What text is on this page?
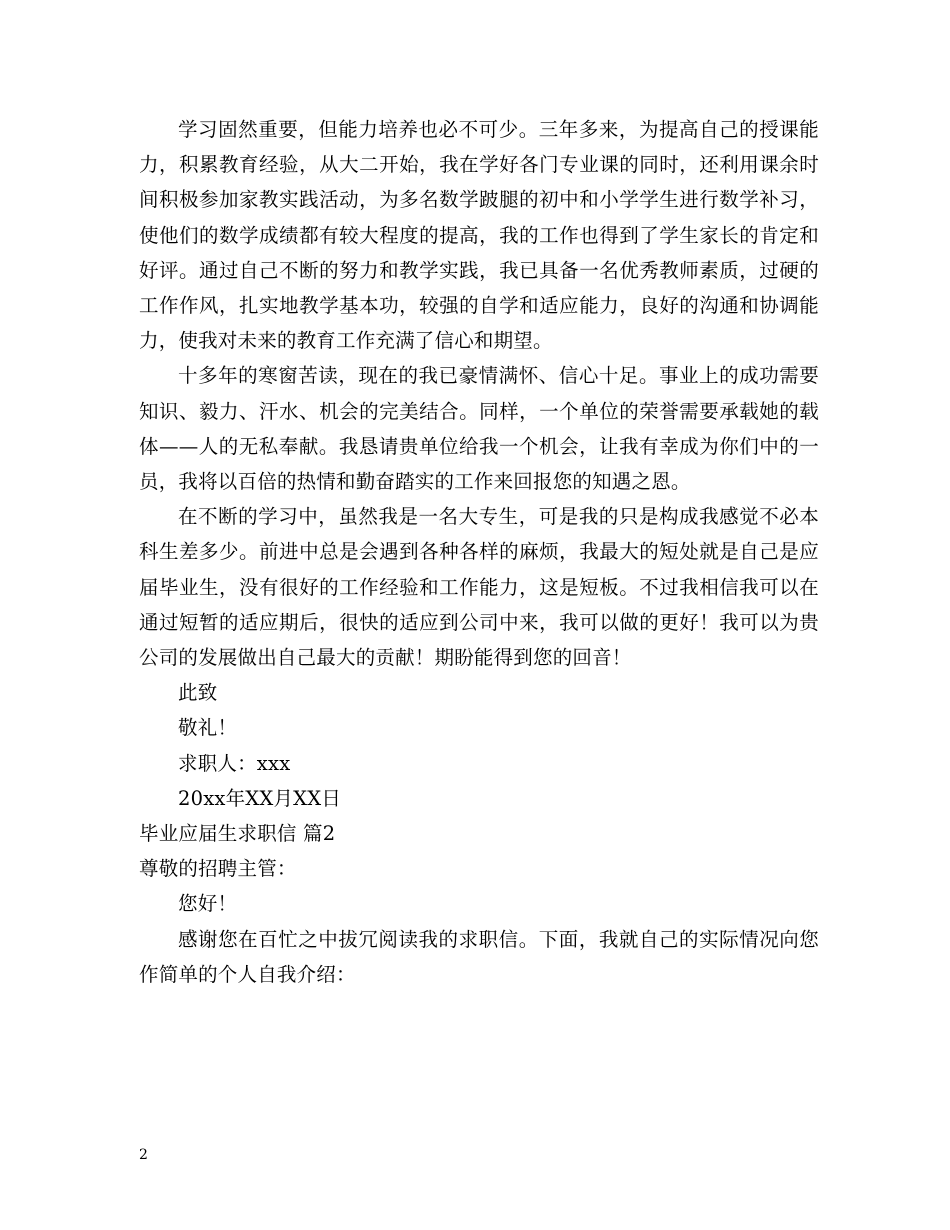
学习固然重要，但能力培养也必不可少。三年多来，为提高自己的授课能力，积累教育经验，从大二开始，我在学好各门专业课的同时，还利用课余时间积极参加家教实践活动，为多名数学跛腿的初中和小学学生进行数学补习，使他们的数学成绩都有较大程度的提高，我的工作也得到了学生家长的肯定和好评。通过自己不断的努力和教学实践，我已具备一名优秀教师素质，过硬的工作作风，扎实地教学基本功，较强的自学和适应能力，良好的沟通和协调能力，使我对未来的教育工作充满了信心和期望。

十多年的寒窗苦读，现在的我已豪情满怀、信心十足。事业上的成功需要知识、毅力、汗水、机会的完美结合。同样，一个单位的荣誉需要承载她的载体——人的无私奉献。我恳请贵单位给我一个机会，让我有幸成为你们中的一员，我将以百倍的热情和勤奋踏实的工作来回报您的知遇之恩。

在不断的学习中，虽然我是一名大专生，可是我的只是构成我感觉不必本科生差多少。前进中总是会遇到各种各样的麻烦，我最大的短处就是自己是应届毕业生，没有很好的工作经验和工作能力，这是短板。不过我相信我可以在通过短暂的适应期后，很快的适应到公司中来，我可以做的更好！我可以为贵公司的发展做出自己最大的贡献！期盼能得到您的回音！

此致

敬礼！

求职人：xxx

20xx年XX月XX日

毕业应届生求职信 篇2

尊敬的招聘主管：

您好！

感谢您在百忙之中拔冗阅读我的求职信。下面，我就自己的实际情况向您作简单的个人自我介绍：

2
